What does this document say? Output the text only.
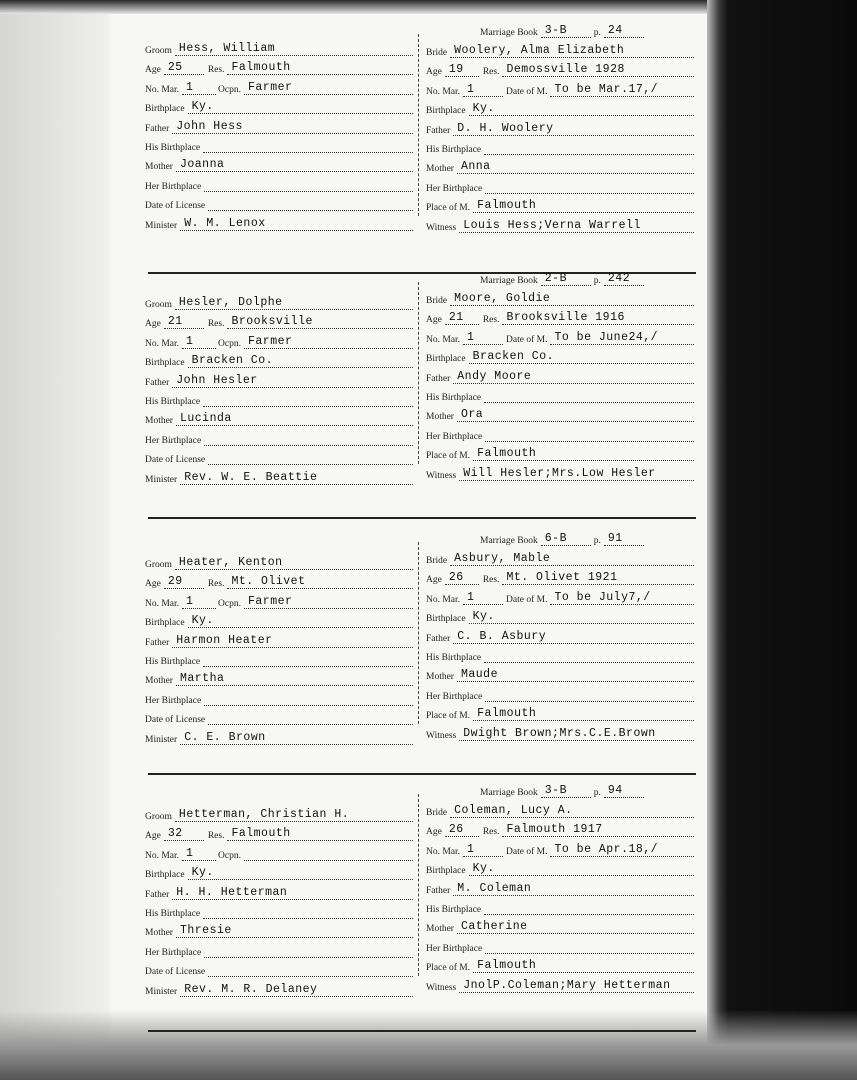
Groom Hess, William
Age 25	Res. Falmouth
No. Mar. 1	Ocpn. Farmer
Birthplace Ky.
Father John Hess
His Birthplace
Mother Joanna
Her Birthplace
Date of License
Minister W. M. Lenox
Marriage Book 3-B	p. 24
Bride Woolery, Alma Elizabeth
Age 19 Res. Demossville 1928
No. Mar. 1	Date of M. To be Mar.17,/
Birthplace Ky.
Father D. H. Woolery
His Birthplace
Mother Anna
Her Birthplace
Place of M. Falmouth
Witness Louis Hess;Verna Warrell
Groom Hesler, Dolphe
Age 21	Res. Brooksville
No. Mar. 1	Ocpn. Farmer
Birthplace Bracken Co.
Father John Hesler
His Birthplace
Mother Lucinda
Her Birthplace
Date of License
Minister Rev. W. E. Beattie
Marriage Book 2-B	p. 242
Bride Moore, Goldie
Age 21 Res. Brooksville 1916
No. Mar. 1	Date of M. To be June24,/
Birthplace Bracken Co.
Father Andy Moore
His Birthplace
Mother Ora
Her Birthplace
Place of M. Falmouth
Witness Will Hesler;Mrs.Low Hesler
Groom Heater, Kenton
Age 29	Res. Mt. Olivet
No. Mar. 1	Ocpn. Farmer
Birthplace Ky.
Father Harmon Heater
His Birthplace
Mother Martha
Her Birthplace
Date of License
Minister C. E. Brown
Marriage Book 6-B	p. 91
Bride Asbury, Mable
Age 26 Res. Mt. Olivet 1921
No. Mar. 1	Date of M. To be July7,/
Birthplace Ky.
Father C. B. Asbury
His Birthplace
Mother Maude
Her Birthplace
Place of M. Falmouth
Witness Dwight Brown;Mrs.C.E.Brown
Groom Hetterman, Christian H.
Age 32	Res. Falmouth
No. Mar. 1	Ocpn.
Birthplace Ky.
Father H. H. Hetterman
His Birthplace
Mother Thresie
Her Birthplace
Date of License
Minister Rev. M. R. Delaney
Marriage Book 3-B	p. 94
Bride Coleman, Lucy A.
Age 26 Res. Falmouth 1917
No. Mar. 1	Date of M. To be Apr.18,/
Birthplace Ky.
Father M. Coleman
His Birthplace
Mother Catherine
Her Birthplace
Place of M. Falmouth
Witness JnolP.Coleman;Mary Hetterman
